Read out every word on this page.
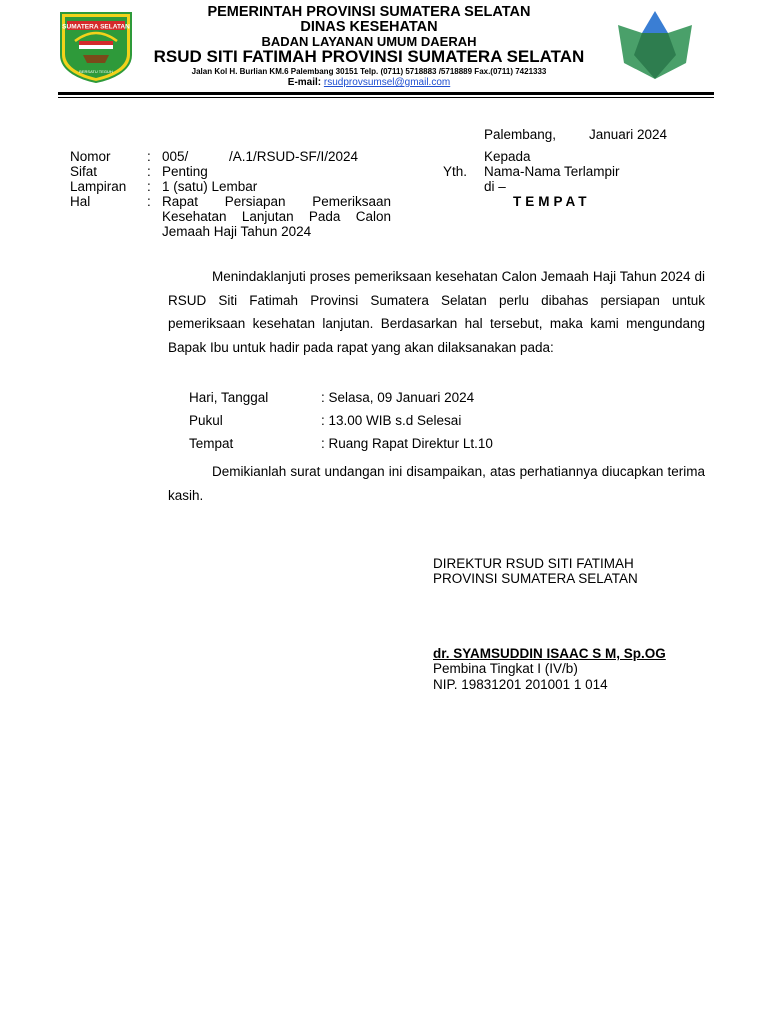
SUMATERA SELATAN
BERSATU TEGUH
PEMERINTAH PROVINSI SUMATERA SELATAN
DINAS KESEHATAN
BADAN LAYANAN UMUM DAERAH
RSUD SITI FATIMAH PROVINSI SUMATERA SELATAN
Jalan Kol H. Burlian KM.6 Palembang 30151 Telp. (0711) 5718883 /5718889 Fax.(0711) 7421333
E-mail: rsudprovsumsel@gmail.com
Palembang, Januari 2024
Nomor	: 005/	/A.1/RSUD-SF/I/2024
Sifat	: Penting
Lampiran : 1 (satu) Lembar
Hal	: Rapat Persiapan Pemeriksaan Kesehatan Lanjutan Pada Calon Jemaah Haji Tahun 2024
Kepada
Yth. Nama-Nama Terlampir
di –
TEMPAT
Menindaklanjuti proses pemeriksaan kesehatan Calon Jemaah Haji Tahun 2024 di RSUD Siti Fatimah Provinsi Sumatera Selatan perlu dibahas persiapan untuk pemeriksaan kesehatan lanjutan. Berdasarkan hal tersebut, maka kami mengundang Bapak Ibu untuk hadir pada rapat yang akan dilaksanakan pada:
Hari, Tanggal	: Selasa, 09 Januari 2024
Pukul	: 13.00 WIB s.d Selesai
Tempat	: Ruang Rapat Direktur Lt.10
Demikianlah surat undangan ini disampaikan, atas perhatiannya diucapkan terima kasih.
DIREKTUR RSUD SITI FATIMAH
PROVINSI SUMATERA SELATAN
dr. SYAMSUDDIN ISAAC S M, Sp.OG
Pembina Tingkat I (IV/b)
NIP. 19831201 201001 1 014
